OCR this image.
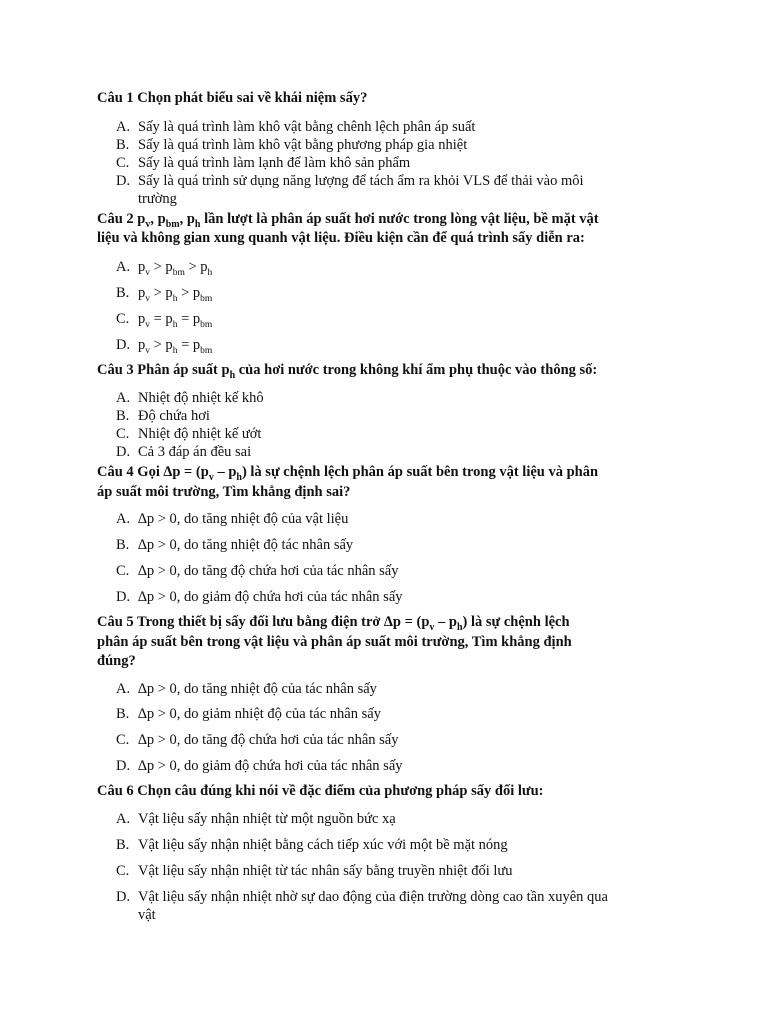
Câu 1 Chọn phát biểu sai về khái niệm sấy?
A. Sấy là quá trình làm khô vật bằng chênh lệch phân áp suất
B. Sấy là quá trình làm khô vật bằng phương pháp gia nhiệt
C. Sấy là quá trình làm lạnh để làm khô sản phẩm
D. Sấy là quá trình sử dụng năng lượng để tách ẩm ra khỏi VLS để thải vào môi
trường
Câu 2 $p_v$, $p_{bm}$, $p_h$ lần lượt là phân áp suất hơi nước trong lòng vật liệu, bề mặt vật
liệu và không gian xung quanh vật liệu. Điều kiện cần để quá trình sấy diễn ra:
A. $p_v > p_{bm} > p_h$
B. $p_v > p_h > p_{bm}$
C. $p_v = p_h = p_{bm}$
D. $p_v > p_h = p_{bm}$
Câu 3 Phân áp suất $p_h$ của hơi nước trong không khí ẩm phụ thuộc vào thông số:
A. Nhiệt độ nhiệt kế khô
B. Độ chứa hơi
C. Nhiệt độ nhiệt kế ướt
D. Cả 3 đáp án đều sai
Câu 4 Gọi $\Delta p = (p_v - p_h)$ là sự chệnh lệch phân áp suất bên trong vật liệu và phân
áp suất môi trường, Tìm khẳng định sai?
A. ∆p > 0, do tăng nhiệt độ của vật liệu
B. ∆p > 0, do tăng nhiệt độ tác nhân sấy
C. ∆p > 0, do tăng độ chứa hơi của tác nhân sấy
D. ∆p > 0, do giảm độ chứa hơi của tác nhân sấy
Câu 5 Trong thiết bị sấy đối lưu bằng điện trở $\Delta p = (p_v - p_h)$ là sự chệnh lệch
phân áp suất bên trong vật liệu và phân áp suất môi trường, Tìm khẳng định
đúng?
A. ∆p > 0, do tăng nhiệt độ của tác nhân sấy
B. ∆p > 0, do giảm nhiệt độ của tác nhân sấy
C. ∆p > 0, do tăng độ chứa hơi của tác nhân sấy
D. ∆p > 0, do giảm độ chứa hơi của tác nhân sấy
Câu 6 Chọn câu đúng khi nói về đặc điểm của phương pháp sấy đối lưu:
A. Vật liệu sấy nhận nhiệt từ một nguồn bức xạ
B. Vật liệu sấy nhận nhiệt bằng cách tiếp xúc với một bề mặt nóng
C. Vật liệu sấy nhận nhiệt từ tác nhân sấy bằng truyền nhiệt đối lưu
D. Vật liệu sấy nhận nhiệt nhờ sự dao động của điện trường dòng cao tần xuyên qua
vật
